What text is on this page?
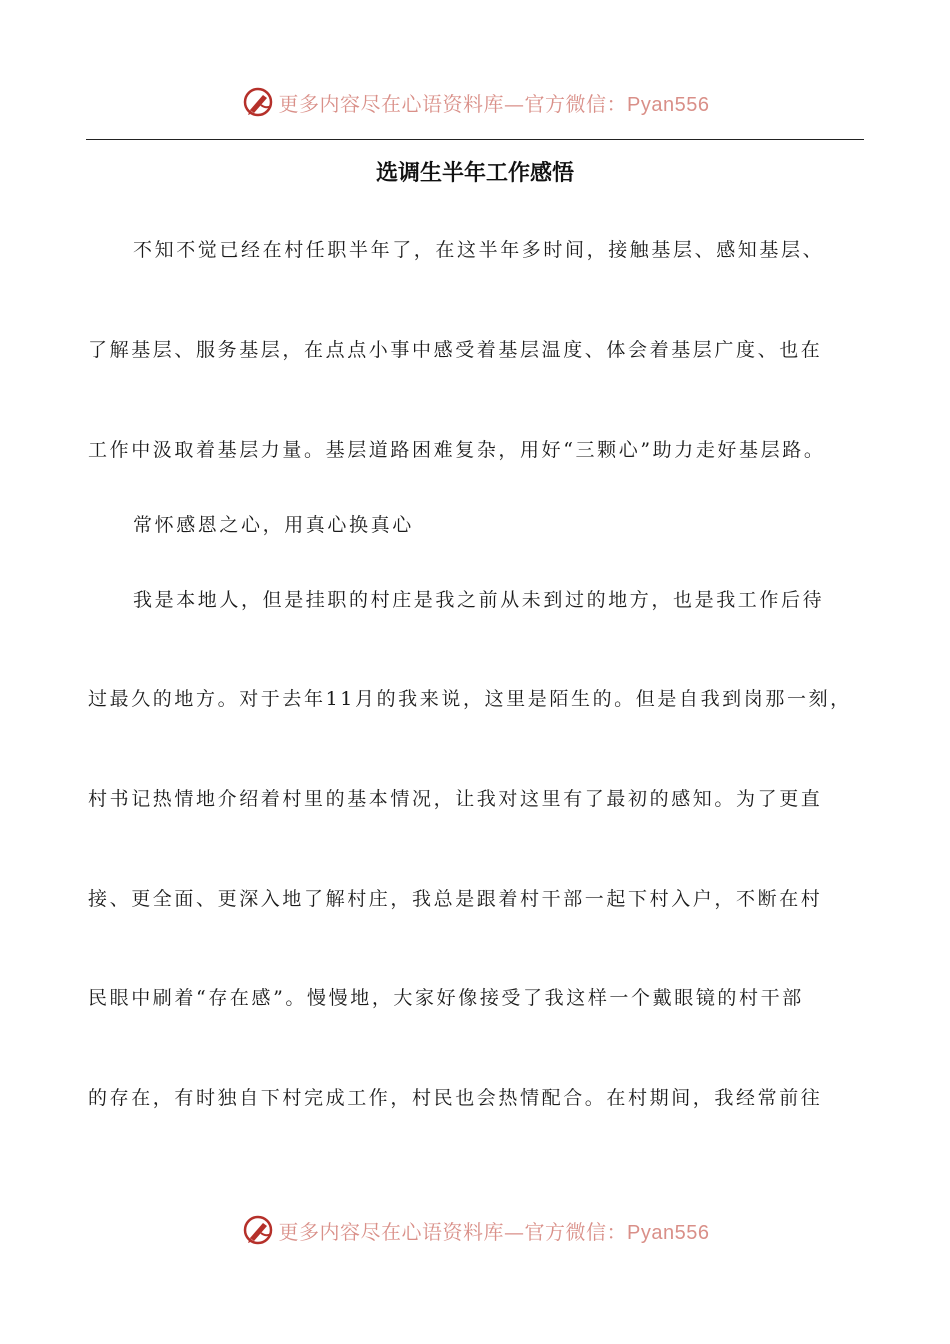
更多内容尽在心语资料库—官方微信：Pyan556
选调生半年工作感悟
不知不觉已经在村任职半年了，在这半年多时间，接触基层、感知基层、
了解基层、服务基层，在点点小事中感受着基层温度、体会着基层广度、也在
工作中汲取着基层力量。基层道路困难复杂，用好“三颗心”助力走好基层路。
常怀感恩之心，用真心换真心
我是本地人，但是挂职的村庄是我之前从未到过的地方，也是我工作后待
过最久的地方。对于去年11月的我来说，这里是陌生的。但是自我到岗那一刻，
村书记热情地介绍着村里的基本情况，让我对这里有了最初的感知。为了更直
接、更全面、更深入地了解村庄，我总是跟着村干部一起下村入户，不断在村
民眼中刷着“存在感”。慢慢地，大家好像接受了我这样一个戴眼镜的村干部
的存在，有时独自下村完成工作，村民也会热情配合。在村期间，我经常前往
更多内容尽在心语资料库—官方微信：Pyan556
